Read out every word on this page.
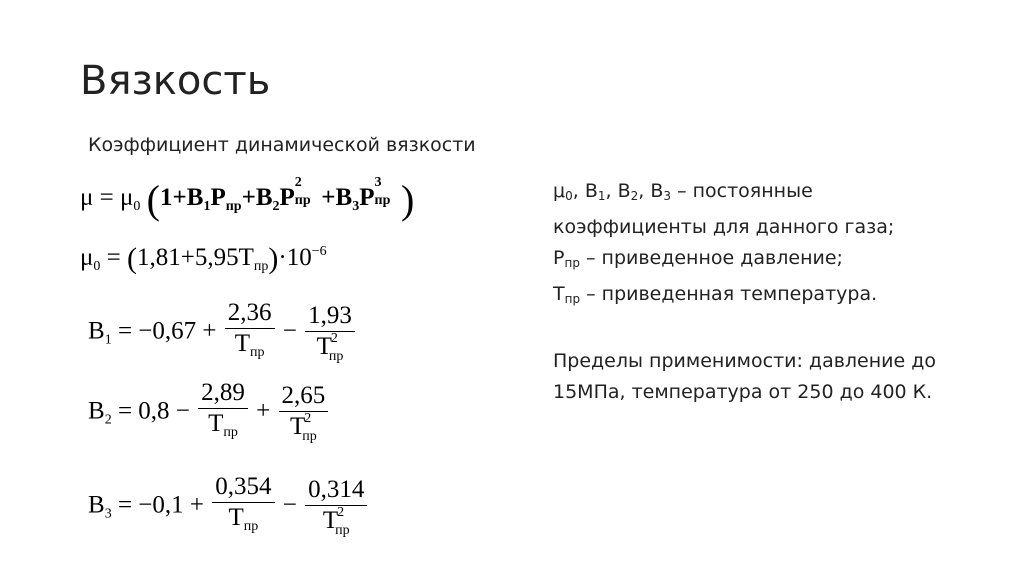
Вязкость
Коэффициент динамической вязкости
$\mu = \mu_0$ ($1+B_1P_{пр}+B_2P$
2
пр $+B_3P$
3
пр )
$\mu_0 = (1,81+5,95T_{пр})\cdot 10^{-6}$
$B_1 = -0,67 + \frac{2,36}{T_{пр}} - \frac{1,93}{T^2_{пр}}$
$B_2 = 0,8 - \frac{2,89}{T_{пр}} + \frac{2,65}{T^2_{пр}}$
$B_3 = -0,1 + \frac{0,354}{T_{пр}} - \frac{0,314}{T^2_{пр}}$

$\mu_0$, $B_1$, $B_2$, $B_3$ – постоянные

коэффициенты для данного газа;

$P_{пр}$ – приведенное давление;

$T_{пр}$ – приведенная температура.

Пределы применимости: давление до

15МПа, температура от 250 до 400 К.
